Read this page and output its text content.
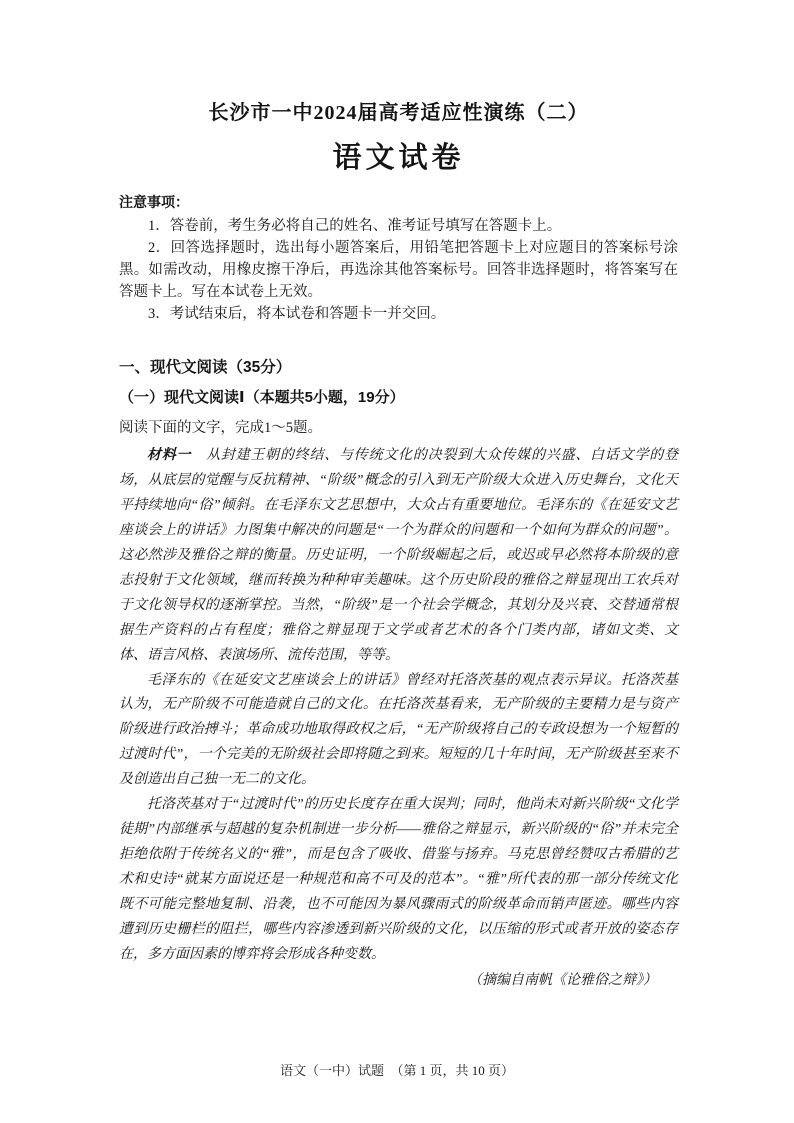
长沙市一中2024届高考适应性演练（二）
语文试卷
注意事项：

1．答卷前，考生务必将自己的姓名、准考证号填写在答题卡上。

2．回答选择题时，选出每小题答案后，用铅笔把答题卡上对应题目的答案标号涂黑。如需改动，用橡皮擦干净后，再选涂其他答案标号。回答非选择题时，将答案写在答题卡上。写在本试卷上无效。

3．考试结束后，将本试卷和答题卡一并交回。

一、现代文阅读（35分）
（一）现代文阅读Ⅰ（本题共5小题，19分）

阅读下面的文字，完成1～5题。

材料一　从封建王朝的终结、与传统文化的决裂到大众传媒的兴盛、白话文学的登场，从底层的觉醒与反抗精神、“阶级”概念的引入到无产阶级大众进入历史舞台，文化天平持续地向“俗”倾斜。在毛泽东文艺思想中，大众占有重要地位。毛泽东的《在延安文艺座谈会上的讲话》力图集中解决的问题是“一个为群众的问题和一个如何为群众的问题”。这必然涉及雅俗之辩的衡量。历史证明，一个阶级崛起之后，或迟或早必然将本阶级的意志投射于文化领域，继而转换为种种审美趣味。这个历史阶段的雅俗之辩显现出工农兵对于文化领导权的逐渐掌控。当然，“阶级”是一个社会学概念，其划分及兴衰、交替通常根据生产资料的占有程度；雅俗之辩显现于文学或者艺术的各个门类内部，诸如文类、文体、语言风格、表演场所、流传范围，等等。

毛泽东的《在延安文艺座谈会上的讲话》曾经对托洛茨基的观点表示异议。托洛茨基认为，无产阶级不可能造就自己的文化。在托洛茨基看来，无产阶级的主要精力是与资产阶级进行政治搏斗；革命成功地取得政权之后，“无产阶级将自己的专政设想为一个短暂的过渡时代”，一个完美的无阶级社会即将随之到来。短短的几十年时间，无产阶级甚至来不及创造出自己独一无二的文化。

托洛茨基对于“过渡时代”的历史长度存在重大误判；同时，他尚未对新兴阶级“文化学徒期”内部继承与超越的复杂机制进一步分析——雅俗之辩显示，新兴阶级的“俗”并未完全拒绝依附于传统名义的“雅”，而是包含了吸收、借鉴与扬弃。马克思曾经赞叹古希腊的艺术和史诗“就某方面说还是一种规范和高不可及的范本”。“雅”所代表的那一部分传统文化既不可能完整地复制、沿袭，也不可能因为暴风骤雨式的阶级革命而销声匿迹。哪些内容遭到历史栅栏的阻拦，哪些内容渗透到新兴阶级的文化，以压缩的形式或者开放的姿态存在，多方面因素的博弈将会形成各种变数。

（摘编自南帆《论雅俗之辩》）

语文（一中）试题　（第 1 页，共 10 页）
